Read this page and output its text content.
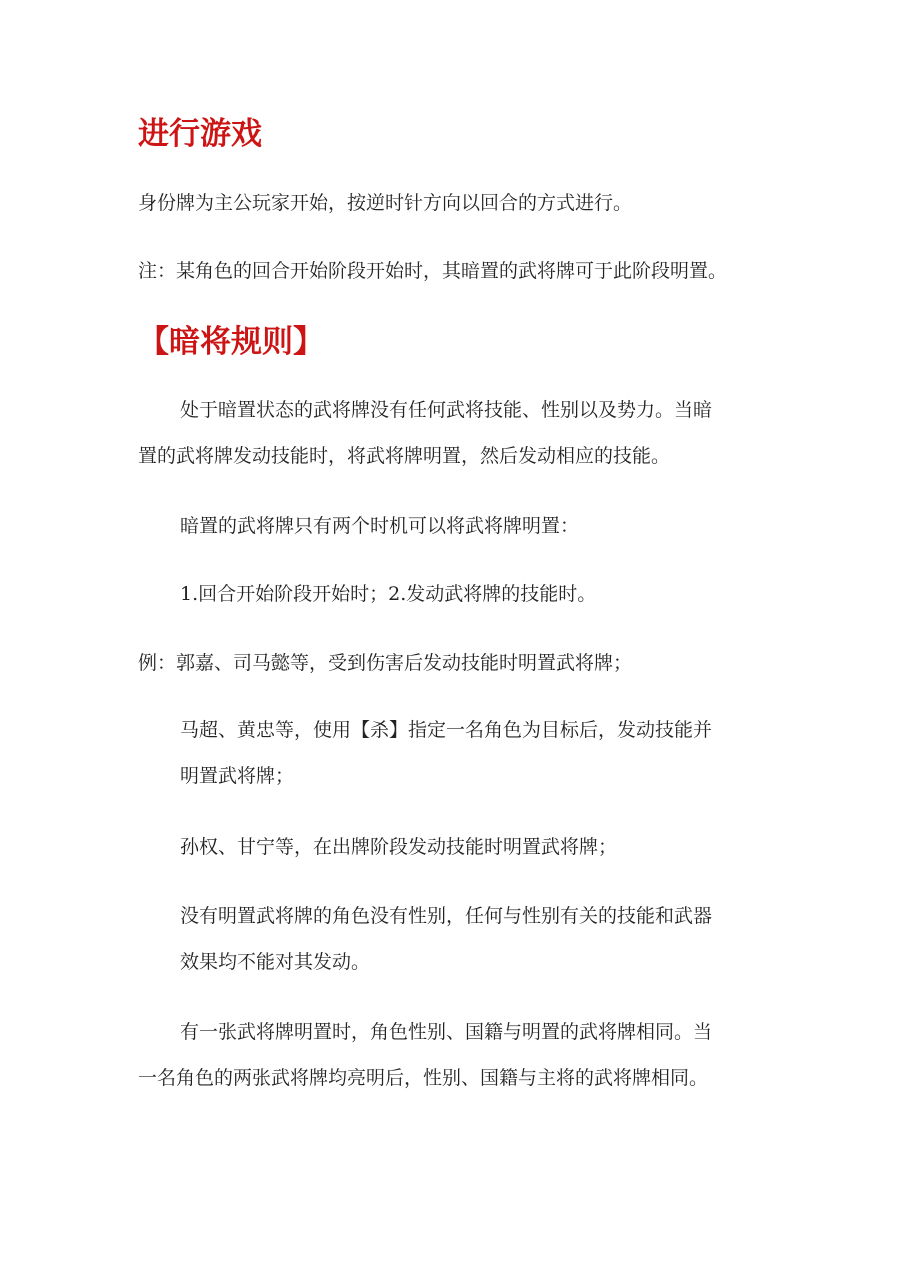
进行游戏

身份牌为主公玩家开始，按逆时针方向以回合的方式进行。

注：某角色的回合开始阶段开始时，其暗置的武将牌可于此阶段明置。

【暗将规则】
处于暗置状态的武将牌没有任何武将技能、性别以及势力。当暗
置的武将牌发动技能时，将武将牌明置，然后发动相应的技能。

暗置的武将牌只有两个时机可以将武将牌明置：

1.回合开始阶段开始时；2.发动武将牌的技能时。

例：郭嘉、司马懿等，受到伤害后发动技能时明置武将牌；

马超、黄忠等，使用【杀】指定一名角色为目标后，发动技能并
明置武将牌；

孙权、甘宁等，在出牌阶段发动技能时明置武将牌；

没有明置武将牌的角色没有性别，任何与性别有关的技能和武器
效果均不能对其发动。
有一张武将牌明置时，角色性别、国籍与明置的武将牌相同。当
一名角色的两张武将牌均亮明后，性别、国籍与主将的武将牌相同。
